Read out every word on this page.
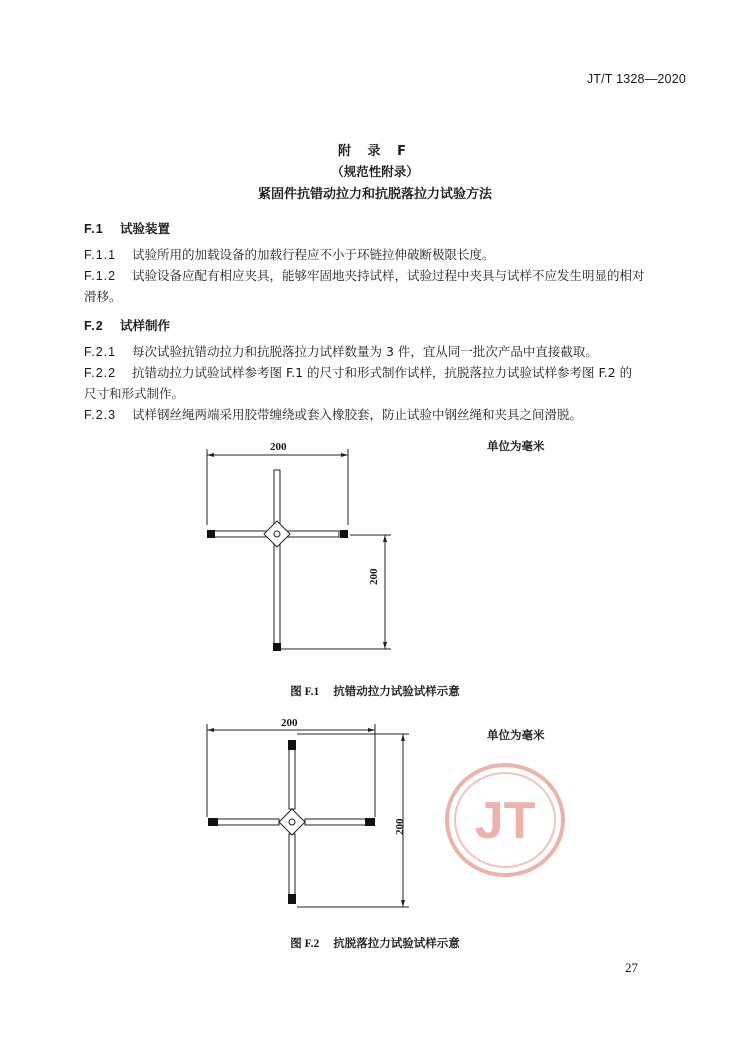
JT/T 1328—2020
附 录 F
（规范性附录）
紧固件抗错动拉力和抗脱落拉力试验方法
F.1 试验装置
F.1.1 试验所用的加载设备的加载行程应不小于环链拉伸破断极限长度。
F.1.2 试验设备应配有相应夹具，能够牢固地夹持试样，试验过程中夹具与试样不应发生明显的相对
滑移。
F.2 试样制作
F.2.1 每次试验抗错动拉力和抗脱落拉力试样数量为 3 件，宜从同一批次产品中直接截取。
F.2.2 抗错动拉力试验试样参考图 F.1 的尺寸和形式制作试样，抗脱落拉力试验试样参考图 F.2 的
尺寸和形式制作。
F.2.3 试样钢丝绳两端采用胶带缠绕或套入橡胶套，防止试验中钢丝绳和夹具之间滑脱。
JT
200
200
单位为毫米
图 F.1 抗错动拉力试验试样示意
200
200
单位为毫米
图 F.2 抗脱落拉力试验试样示意
27
